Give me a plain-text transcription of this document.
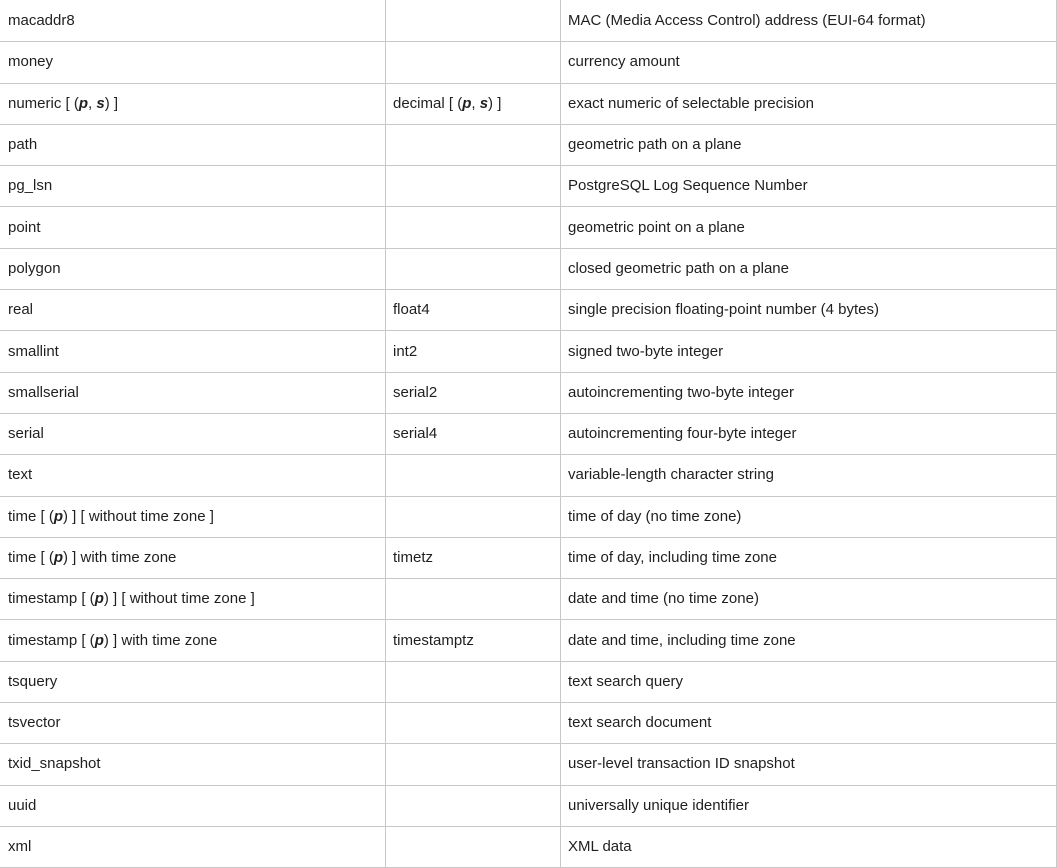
macaddr8		MAC (Media Access Control) address (EUI-64 format)
money		currency amount
numeric [ (p, s) ]	decimal [ (p, s) ]	exact numeric of selectable precision
path		geometric path on a plane
pg_lsn		PostgreSQL Log Sequence Number
point		geometric point on a plane
polygon		closed geometric path on a plane
real	float4	single precision floating-point number (4 bytes)
smallint	int2	signed two-byte integer
smallserial	serial2	autoincrementing two-byte integer
serial	serial4	autoincrementing four-byte integer
text		variable-length character string
time [ (p) ] [ without time zone ]		time of day (no time zone)
time [ (p) ] with time zone	timetz	time of day, including time zone
timestamp [ (p) ] [ without time zone ]		date and time (no time zone)
timestamp [ (p) ] with time zone	timestamptz	date and time, including time zone
tsquery		text search query
tsvector		text search document
txid_snapshot		user-level transaction ID snapshot
uuid		universally unique identifier
xml		XML data
